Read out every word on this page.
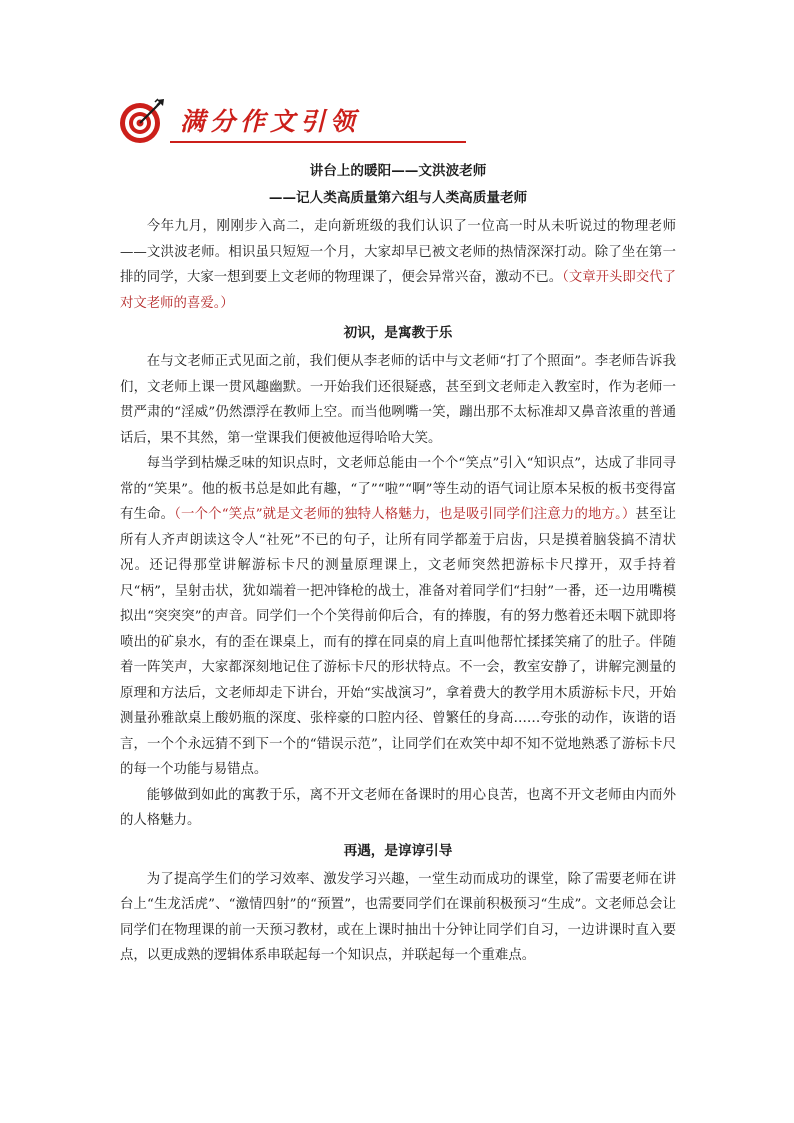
满分作文引领
讲台上的暖阳——文洪波老师
——记人类高质量第六组与人类高质量老师

今年九月，刚刚步入高二，走向新班级的我们认识了一位高一时从未听说过的物理老师——文洪波老师。相识虽只短短一个月，大家却早已被文老师的热情深深打动。除了坐在第一排的同学，大家一想到要上文老师的物理课了，便会异常兴奋，激动不已。（文章开头即交代了对文老师的喜爱。）

初识，是寓教于乐

在与文老师正式见面之前，我们便从李老师的话中与文老师“打了个照面”。李老师告诉我们，文老师上课一贯风趣幽默。一开始我们还很疑惑，甚至到文老师走入教室时，作为老师一贯严肃的“淫威”仍然漂浮在教师上空。而当他咧嘴一笑，蹦出那不太标准却又鼻音浓重的普通话后，果不其然，第一堂课我们便被他逗得哈哈大笑。

每当学到枯燥乏味的知识点时，文老师总能由一个个“笑点”引入“知识点”，达成了非同寻常的“笑果”。他的板书总是如此有趣，“了”“啦”“啊”等生动的语气词让原本呆板的板书变得富有生命。（一个个“笑点”就是文老师的独特人格魅力，也是吸引同学们注意力的地方。）甚至让所有人齐声朗读这令人“社死”不已的句子，让所有同学都羞于启齿，只是摸着脑袋搞不清状况。还记得那堂讲解游标卡尺的测量原理课上，文老师突然把游标卡尺撑开，双手持着尺“柄”，呈射击状，犹如端着一把冲锋枪的战士，准备对着同学们“扫射”一番，还一边用嘴模拟出“突突突”的声音。同学们一个个笑得前仰后合，有的捧腹，有的努力憋着还未咽下就即将喷出的矿泉水，有的歪在课桌上，而有的撑在同桌的肩上直叫他帮忙揉揉笑痛了的肚子。伴随着一阵笑声，大家都深刻地记住了游标卡尺的形状特点。不一会，教室安静了，讲解完测量的原理和方法后，文老师却走下讲台，开始“实战演习”，拿着费大的教学用木质游标卡尺，开始测量孙雅歆桌上酸奶瓶的深度、张梓豪的口腔内径、曾繁任的身高……夸张的动作，诙谐的语言，一个个永远猜不到下一个的“错误示范”，让同学们在欢笑中却不知不觉地熟悉了游标卡尺的每一个功能与易错点。

能够做到如此的寓教于乐，离不开文老师在备课时的用心良苦，也离不开文老师由内而外的人格魅力。

再遇，是谆谆引导

为了提高学生们的学习效率、激发学习兴趣，一堂生动而成功的课堂，除了需要老师在讲台上“生龙活虎”、“激情四射”的“预置”，也需要同学们在课前积极预习“生成”。文老师总会让同学们在物理课的前一天预习教材，或在上课时抽出十分钟让同学们自习，一边讲课时直入要点，以更成熟的逻辑体系串联起每一个知识点，并联起每一个重难点。
